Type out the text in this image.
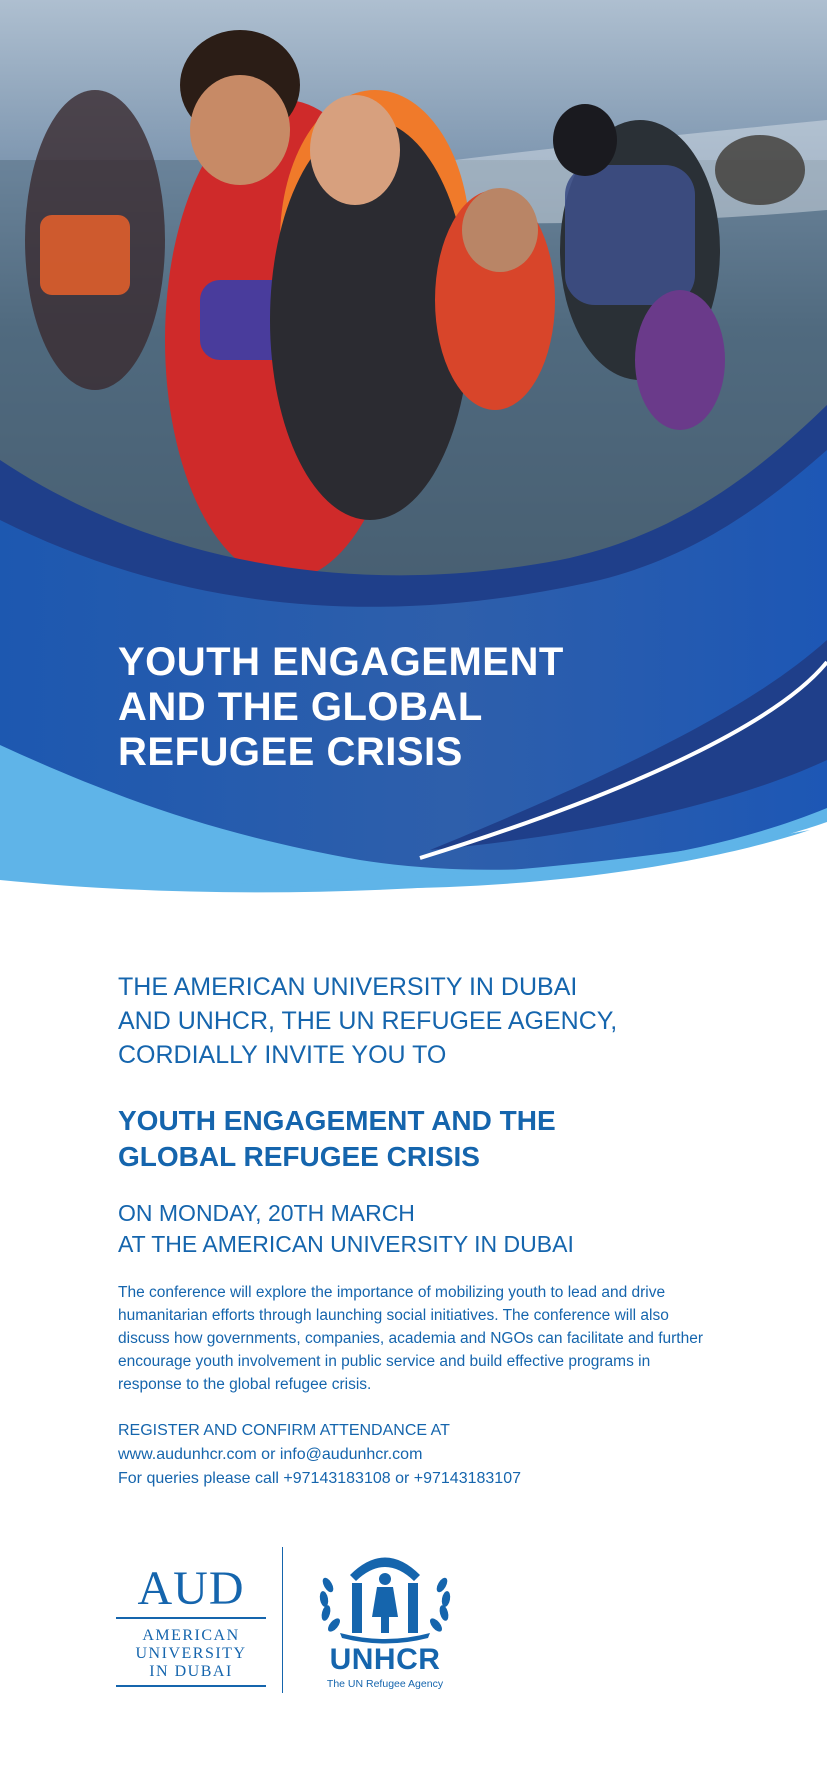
YOUTH ENGAGEMENT
AND THE GLOBAL
REFUGEE CRISIS

THE AMERICAN UNIVERSITY IN DUBAI
AND UNHCR, THE UN REFUGEE AGENCY,
CORDIALLY INVITE YOU TO

YOUTH ENGAGEMENT AND THE
GLOBAL REFUGEE CRISIS

ON MONDAY, 20TH MARCH
AT THE AMERICAN UNIVERSITY IN DUBAI

The conference will explore the importance of mobilizing youth to lead and drive humanitarian efforts through launching social initiatives. The conference will also discuss how governments, companies, academia and NGOs can facilitate and further encourage youth involvement in public service and build effective programs in response to the global refugee crisis.

REGISTER AND CONFIRM ATTENDANCE AT
www.audunhcr.com or info@audunhcr.com
For queries please call +97143183108 or +97143183107

AUD
AMERICAN
UNIVERSITY
IN DUBAI	UNHCR
The UN Refugee Agency
